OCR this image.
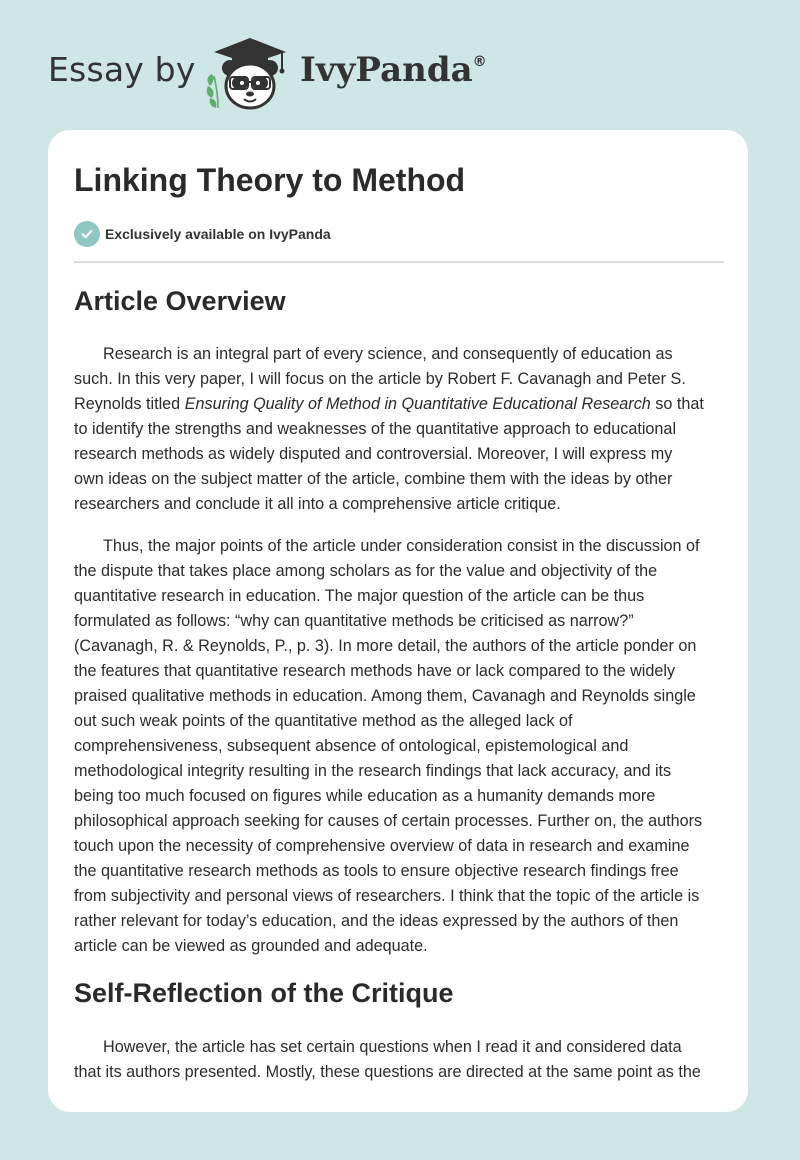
Essay by	IvyPanda®
Linking Theory to Method
Exclusively available on IvyPanda
Article Overview
Research is an integral part of every science, and consequently of education as
such. In this very paper, I will focus on the article by Robert F. Cavanagh and Peter S.
Reynolds titled Ensuring Quality of Method in Quantitative Educational Research so that
to identify the strengths and weaknesses of the quantitative approach to educational
research methods as widely disputed and controversial. Moreover, I will express my
own ideas on the subject matter of the article, combine them with the ideas by other
researchers and conclude it all into a comprehensive article critique.
Thus, the major points of the article under consideration consist in the discussion of
the dispute that takes place among scholars as for the value and objectivity of the
quantitative research in education. The major question of the article can be thus
formulated as follows: “why can quantitative methods be criticised as narrow?”
(Cavanagh, R. & Reynolds, P., p. 3). In more detail, the authors of the article ponder on
the features that quantitative research methods have or lack compared to the widely
praised qualitative methods in education. Among them, Cavanagh and Reynolds single
out such weak points of the quantitative method as the alleged lack of
comprehensiveness, subsequent absence of ontological, epistemological and
methodological integrity resulting in the research findings that lack accuracy, and its
being too much focused on figures while education as a humanity demands more
philosophical approach seeking for causes of certain processes. Further on, the authors
touch upon the necessity of comprehensive overview of data in research and examine
the quantitative research methods as tools to ensure objective research findings free
from subjectivity and personal views of researchers. I think that the topic of the article is
rather relevant for today’s education, and the ideas expressed by the authors of then
article can be viewed as grounded and adequate.
Self-Reflection of the Critique
However, the article has set certain questions when I read it and considered data
that its authors presented. Mostly, these questions are directed at the same point as the
